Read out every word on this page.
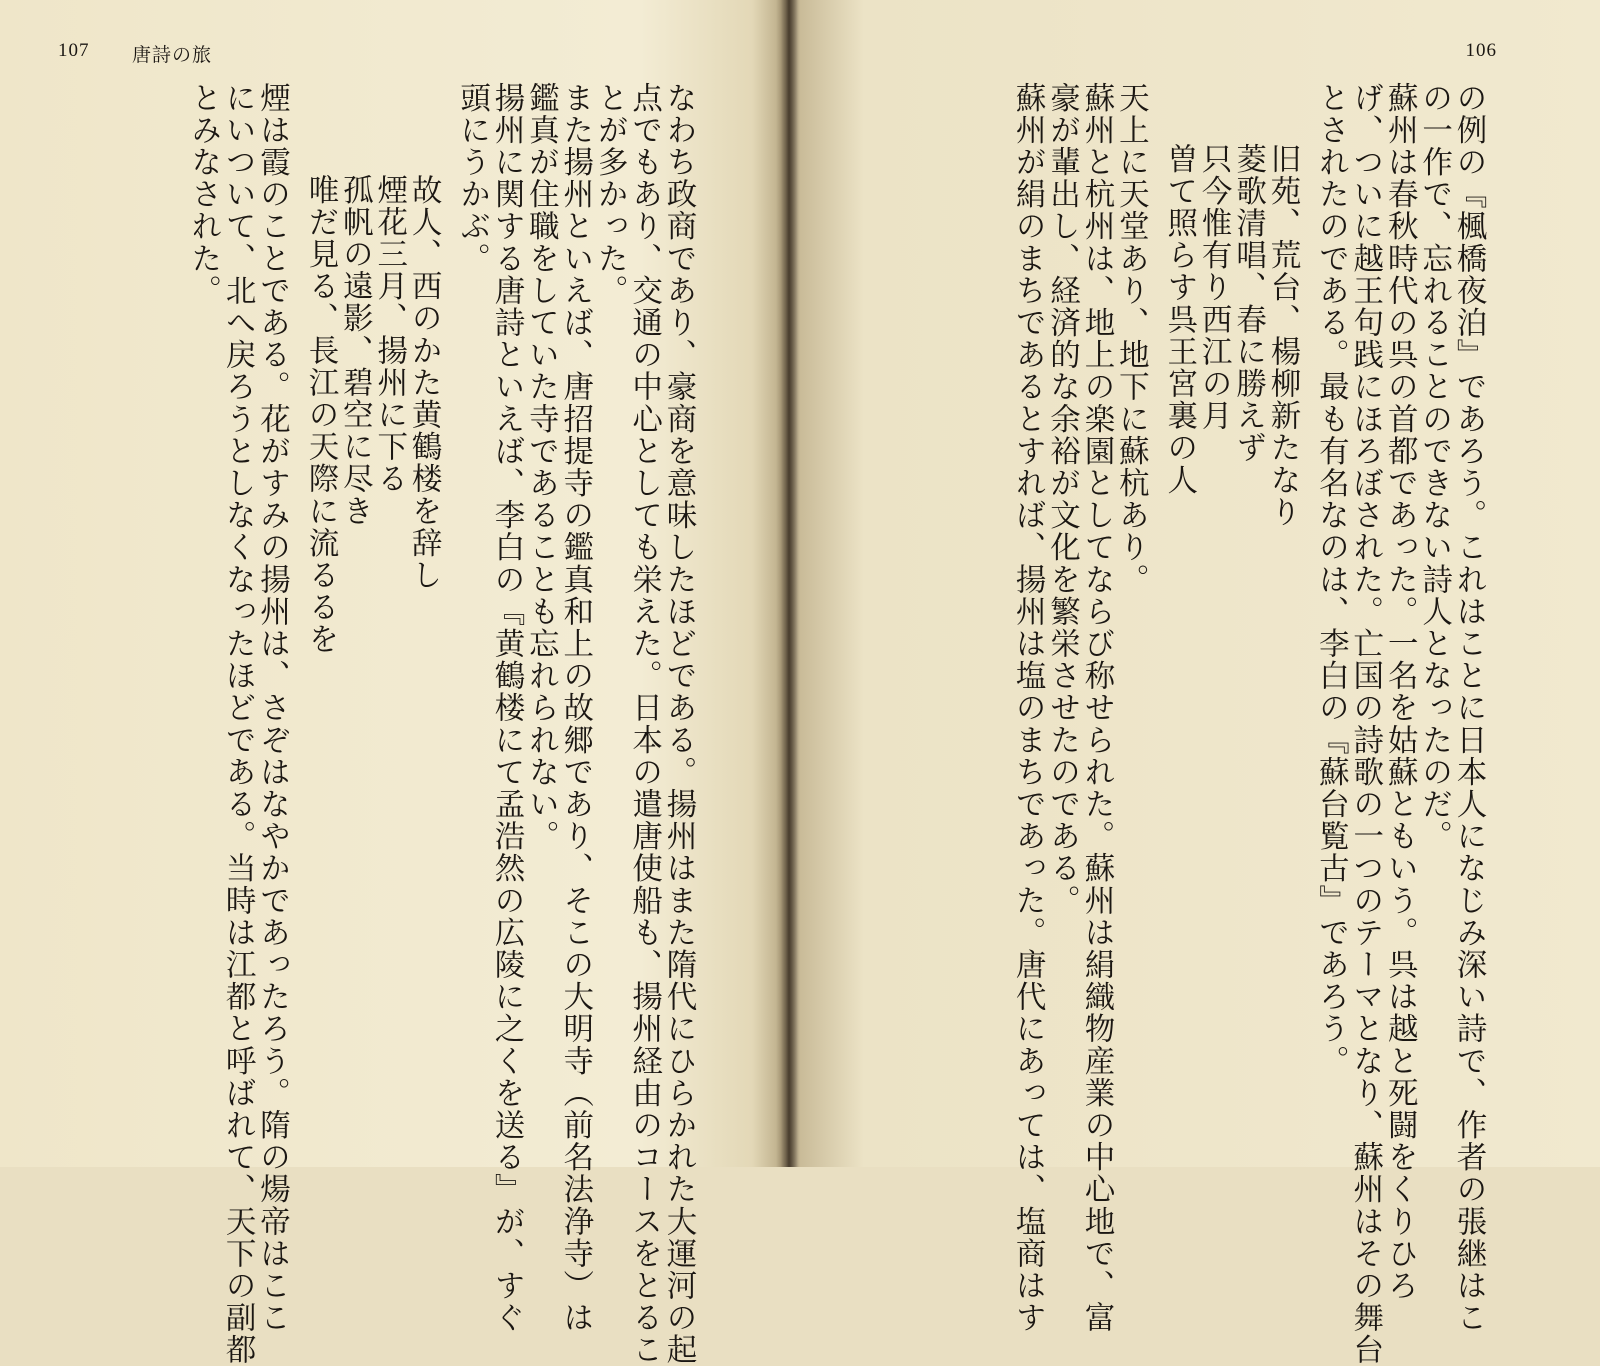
107 唐詩の旅
なわち政商であり、豪商を意味したほどである。揚州はまた隋代にひらかれた大運河の起
点でもあり、交通の中心としても栄えた。日本の遣唐使船も、揚州経由のコースをとるこ
とが多かった。
また揚州といえば、唐招提寺の鑑真和上の故郷であり、そこの大明寺（前名法浄寺）は
鑑真が住職をしていた寺であることも忘れられない。
揚州に関する唐詩といえば、李白の『黄鶴楼にて孟浩然の広陵に之くを送る』が、すぐ
頭にうかぶ。
故人、西のかた黄鶴楼を辞し
煙花三月、揚州に下る
孤帆の遠影、碧空に尽き
唯だ見る、長江の天際に流るるを
煙は霞のことである。花がすみの揚州は、さぞはなやかであったろう。隋の煬帝はここ
にいついて、北へ戻ろうとしなくなったほどである。当時は江都と呼ばれて、天下の副都
とみなされた。
106
の例の『楓橋夜泊』であろう。これはことに日本人になじみ深い詩で、作者の張継はこ
の一作で、忘れることのできない詩人となったのだ。
蘇州は春秋時代の呉の首都であった。一名を姑蘇ともいう。呉は越と死闘をくりひろ
げ、ついに越王句践にほろぼされた。亡国の詩歌の一つのテーマとなり、蘇州はその舞台
とされたのである。最も有名なのは、李白の『蘇台覧古』であろう。
旧苑、荒台、楊柳新たなり
菱歌清唱、春に勝えず
只今惟有り西江の月
曽て照らす呉王宮裏の人
天上に天堂あり、地下に蘇杭あり。
蘇州と杭州は、地上の楽園としてならび称せられた。蘇州は絹織物産業の中心地で、富
豪が輩出し、経済的な余裕が文化を繁栄させたのである。
蘇州が絹のまちであるとすれば、揚州は塩のまちであった。唐代にあっては、塩商はす
